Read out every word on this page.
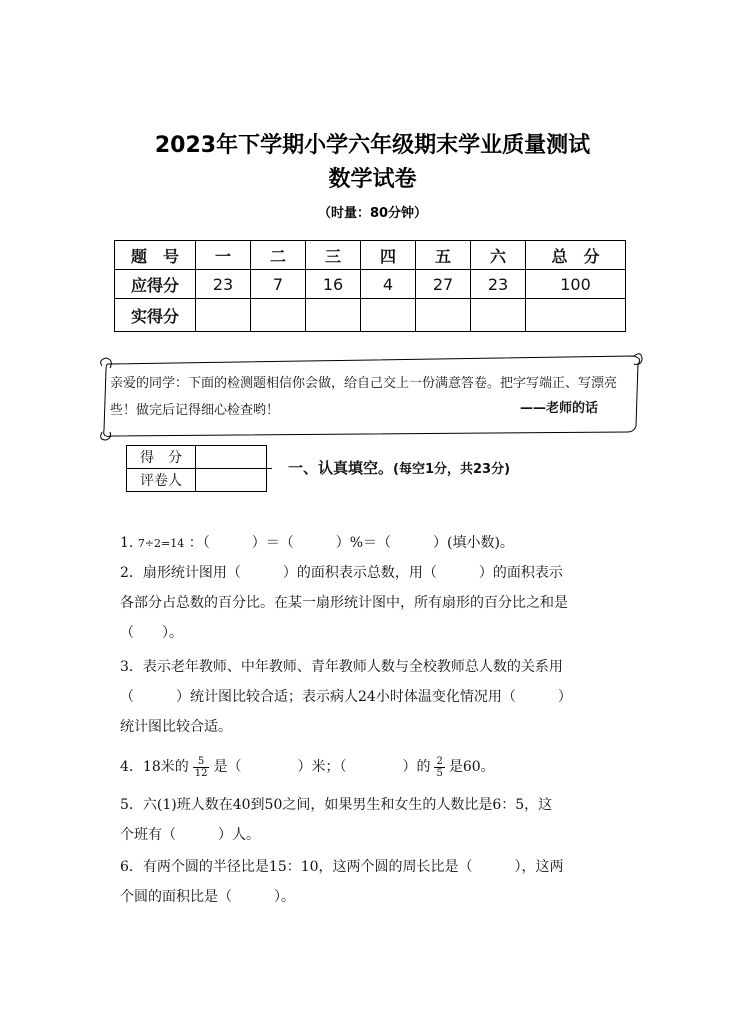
2023年下学期小学六年级期末学业质量测试
数学试卷
（时量：80分钟）
题　号	一	二	三	四	五	六	总　分
应得分	23	7	16	4	27	23	100
实得分							
亲爱的同学：下面的检测题相信你会做，给自己交上一份满意答卷。把字写端正、写漂亮些！做完后记得细心检查哟！	——老师的话
得　分	
评卷人	
一、认真填空。(每空1分，共23分)
1. 7÷2=14 ：（　　　）＝（　　　）%＝（　　　）(填小数)。
2．扇形统计图用（　　　）的面积表示总数，用（　　　）的面积表示
各部分占总数的百分比。在某一扇形统计图中，所有扇形的百分比之和是
（　　）。
3．表示老年教师、中年教师、青年教师人数与全校教师总人数的关系用
（　　　）统计图比较合适；表示病人24小时体温变化情况用（　　　）
统计图比较合适。
4．18米的 $\frac{5}{12}$ 是（　　　　）米；（　　　　）的 $\frac{2}{5}$ 是60。
5．六(1)班人数在40到50之间，如果男生和女生的人数比是6：5，这
个班有（　　　）人。
6．有两个圆的半径比是15：10，这两个圆的周长比是（　　　），这两
个圆的面积比是（　　　）。
